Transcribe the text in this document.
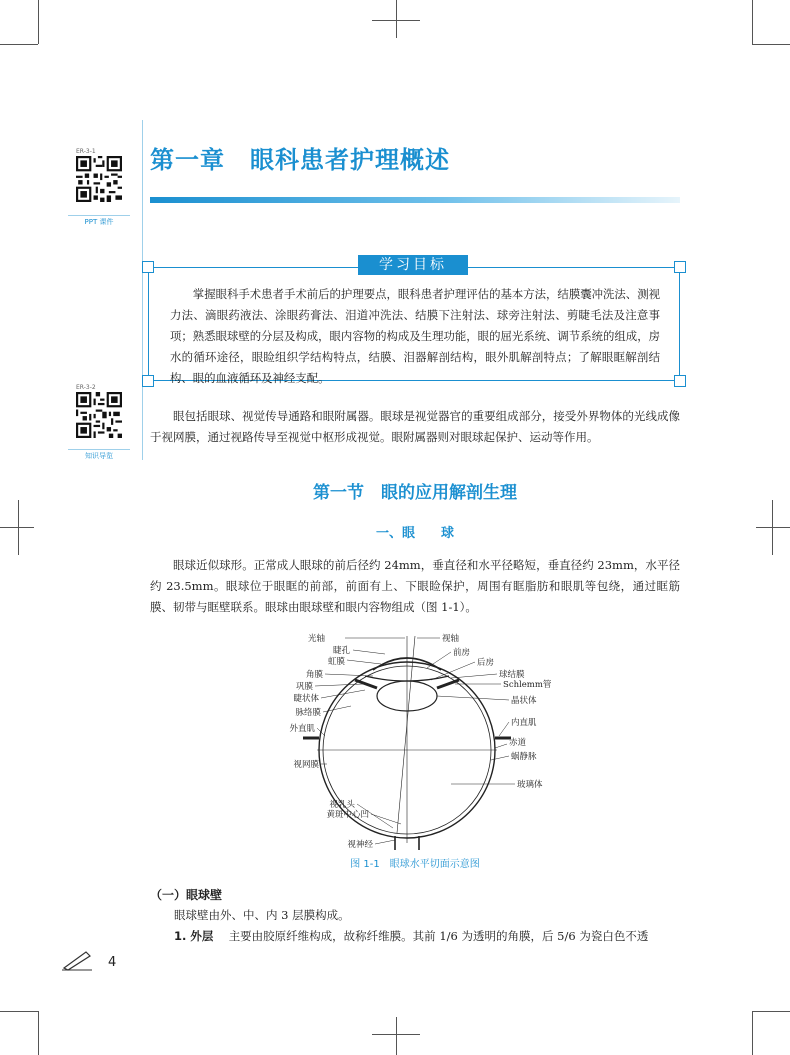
ER-3-1
PPT 课件
ER-3-2
知识导览
第一章　眼科患者护理概述
学习目标
掌握眼科手术患者手术前后的护理要点，眼科患者护理评估的基本方法，结膜囊冲洗法、测视力法、滴眼药液法、涂眼药膏法、泪道冲洗法、结膜下注射法、球旁注射法、剪睫毛法及注意事项；熟悉眼球壁的分层及构成，眼内容物的构成及生理功能，眼的屈光系统、调节系统的组成，房水的循环途径，眼睑组织学结构特点，结膜、泪器解剖结构，眼外肌解剖特点；了解眼眶解剖结构、眼的血液循环及神经支配。
眼包括眼球、视觉传导通路和眼附属器。眼球是视觉器官的重要组成部分，接受外界物体的光线成像于视网膜，通过视路传导至视觉中枢形成视觉。眼附属器则对眼球起保护、运动等作用。
第一节　眼的应用解剖生理
一、眼　　球
眼球近似球形。正常成人眼球的前后径约 24mm，垂直径和水平径略短，垂直径约 23mm，水平径约 23.5mm。眼球位于眼眶的前部，前面有上、下眼睑保护，周围有眶脂肪和眼肌等包绕，通过眶筋膜、韧带与眶壁联系。眼球由眼球壁和眼内容物组成（图 1-1）。
光轴
睫孔
虹膜
角膜
巩膜
睫状体
脉络膜
外直肌
视网膜
视乳头
黄斑中心凹
视神经
视轴
前房
后房
球结膜
Schlemm管
晶状体
内直肌
赤道
蜗静脉
玻璃体
图 1-1　眼球水平切面示意图
（一）眼球壁
眼球壁由外、中、内 3 层膜构成。
1. 外层 主要由胶原纤维构成，故称纤维膜。其前 1/6 为透明的角膜，后 5/6 为瓷白色不透
4
